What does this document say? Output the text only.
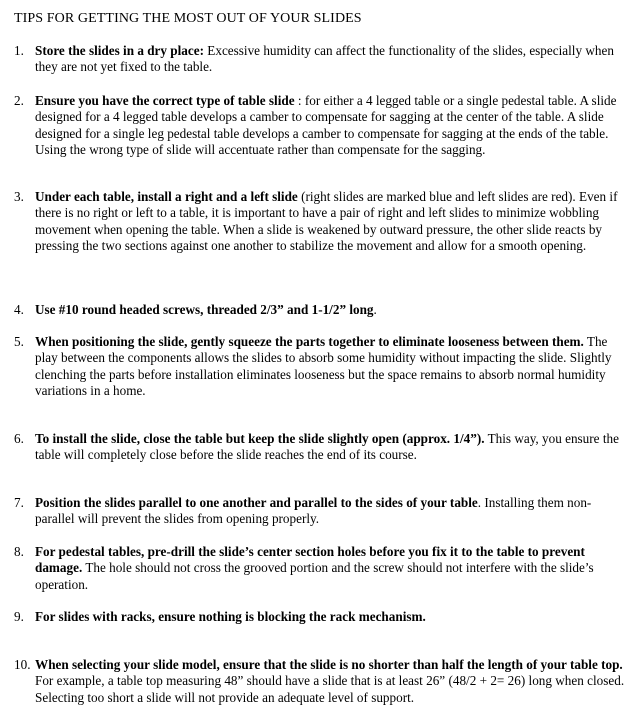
TIPS FOR GETTING THE MOST OUT OF YOUR SLIDES
1. Store the slides in a dry place: Excessive humidity can affect the functionality of the slides, especially when they are not yet fixed to the table.
2. Ensure you have the correct type of table slide : for either a 4 legged table or a single pedestal table. A slide designed for a 4 legged table develops a camber to compensate for sagging at the center of the table. A slide designed for a single leg pedestal table develops a camber to compensate for sagging at the ends of the table. Using the wrong type of slide will accentuate rather than compensate for the sagging.
3. Under each table, install a right and a left slide (right slides are marked blue and left slides are red). Even if there is no right or left to a table, it is important to have a pair of right and left slides to minimize wobbling movement when opening the table. When a slide is weakened by outward pressure, the other slide reacts by pressing the two sections against one another to stabilize the movement and allow for a smooth opening.
4. Use #10 round headed screws, threaded 2/3” and 1-1/2” long.
5. When positioning the slide, gently squeeze the parts together to eliminate looseness between them. The play between the components allows the slides to absorb some humidity without impacting the slide. Slightly clenching the parts before installation eliminates looseness but the space remains to absorb normal humidity variations in a home.
6. To install the slide, close the table but keep the slide slightly open (approx. 1/4”). This way, you ensure the table will completely close before the slide reaches the end of its course.
7. Position the slides parallel to one another and parallel to the sides of your table. Installing them non-parallel will prevent the slides from opening properly.
8. For pedestal tables, pre-drill the slide’s center section holes before you fix it to the table to prevent damage. The hole should not cross the grooved portion and the screw should not interfere with the slide’s operation.
9. For slides with racks, ensure nothing is blocking the rack mechanism.
10. When selecting your slide model, ensure that the slide is no shorter than half the length of your table top. For example, a table top measuring 48” should have a slide that is at least 26” (48/2 + 2= 26) long when closed. Selecting too short a slide will not provide an adequate level of support.
